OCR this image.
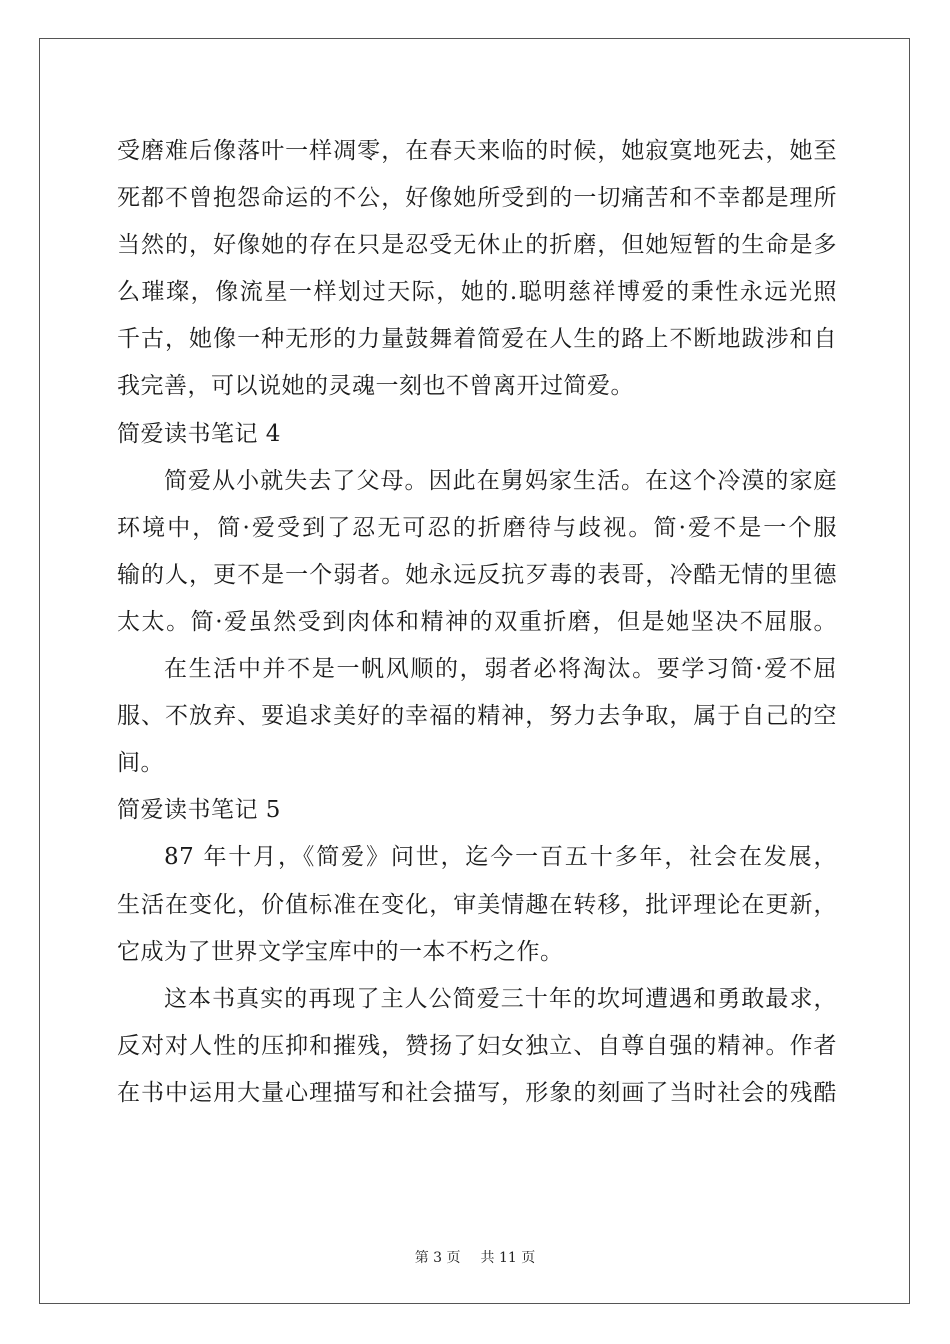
受磨难后像落叶一样凋零，在春天来临的时候，她寂寞地死去，她至
死都不曾抱怨命运的不公，好像她所受到的一切痛苦和不幸都是理所
当然的，好像她的存在只是忍受无休止的折磨，但她短暂的生命是多
么璀璨，像流星一样划过天际，她的.聪明慈祥博爱的秉性永远光照
千古，她像一种无形的力量鼓舞着简爱在人生的路上不断地跋涉和自
我完善，可以说她的灵魂一刻也不曾离开过简爱。
简爱读书笔记 4
简爱从小就失去了父母。因此在舅妈家生活。在这个冷漠的家庭
环境中，简·爱受到了忍无可忍的折磨待与歧视。简·爱不是一个服
输的人，更不是一个弱者。她永远反抗歹毒的表哥，冷酷无情的里德
太太。简·爱虽然受到肉体和精神的双重折磨，但是她坚决不屈服。
在生活中并不是一帆风顺的，弱者必将淘汰。要学习简·爱不屈
服、不放弃、要追求美好的幸福的精神，努力去争取，属于自己的空
间。
简爱读书笔记 5
87 年十月，《简爱》问世，迄今一百五十多年，社会在发展，
生活在变化，价值标准在变化，审美情趣在转移，批评理论在更新，
它成为了世界文学宝库中的一本不朽之作。
这本书真实的再现了主人公简爱三十年的坎坷遭遇和勇敢最求，
反对对人性的压抑和摧残，赞扬了妇女独立、自尊自强的精神。作者
在书中运用大量心理描写和社会描写，形象的刻画了当时社会的残酷
第 3 页 共 11 页
